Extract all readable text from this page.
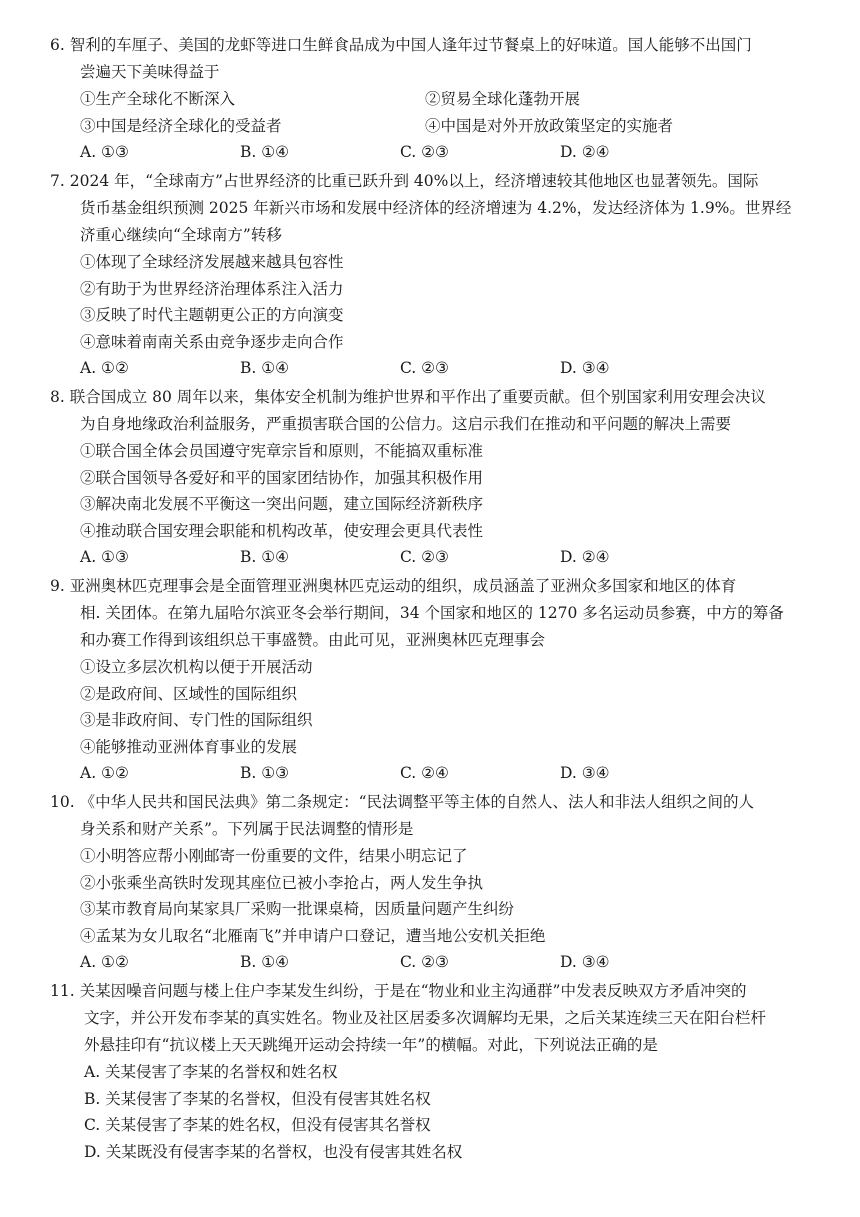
6. 智利的车厘子、美国的龙虾等进口生鲜食品成为中国人逢年过节餐桌上的好味道。国人能够不出国门
尝遍天下美味得益于

①生产全球化不断深入	②贸易全球化蓬勃开展
③中国是经济全球化的受益者	④中国是对外开放政策坚定的实施者
A. ①③	B. ①④	C. ②③	D. ②④

7. 2024 年，“全球南方”占世界经济的比重已跃升到 40%以上，经济增速较其他地区也显著领先。国际
货币基金组织预测 2025 年新兴市场和发展中经济体的经济增速为 4.2%，发达经济体为 1.9%。世界经
济重心继续向“全球南方”转移

①体现了全球经济发展越来越具包容性
②有助于为世界经济治理体系注入活力
③反映了时代主题朝更公正的方向演变
④意味着南南关系由竞争逐步走向合作
A. ①②	B. ①④	C. ②③	D. ③④

8. 联合国成立 80 周年以来，集体安全机制为维护世界和平作出了重要贡献。但个别国家利用安理会决议
为自身地缘政治利益服务，严重损害联合国的公信力。这启示我们在推动和平问题的解决上需要

①联合国全体会员国遵守宪章宗旨和原则，不能搞双重标准
②联合国领导各爱好和平的国家团结协作，加强其积极作用
③解决南北发展不平衡这一突出问题，建立国际经济新秩序
④推动联合国安理会职能和机构改革，使安理会更具代表性
A. ①③	B. ①④	C. ②③	D. ②④

9. 亚洲奥林匹克理事会是全面管理亚洲奥林匹克运动的组织，成员涵盖了亚洲众多国家和地区的体育
相. 关团体。在第九届哈尔滨亚冬会举行期间，34 个国家和地区的 1270 多名运动员参赛，中方的筹备
和办赛工作得到该组织总干事盛赞。由此可见，亚洲奥林匹克理事会

①设立多层次机构以便于开展活动
②是政府间、区域性的国际组织
③是非政府间、专门性的国际组织
④能够推动亚洲体育事业的发展
A. ①②	B. ①③	C. ②④	D. ③④

10. 《中华人民共和国民法典》第二条规定：“民法调整平等主体的自然人、法人和非法人组织之间的人
身关系和财产关系”。下列属于民法调整的情形是

①小明答应帮小刚邮寄一份重要的文件，结果小明忘记了
②小张乘坐高铁时发现其座位已被小李抢占，两人发生争执
③某市教育局向某家具厂采购一批课桌椅，因质量问题产生纠纷
④孟某为女儿取名“北雁南飞”并申请户口登记，遭当地公安机关拒绝
A. ①②	B. ①④	C. ②③	D. ③④

11. 关某因噪音问题与楼上住户李某发生纠纷，于是在“物业和业主沟通群”中发表反映双方矛盾冲突的
文字，并公开发布李某的真实姓名。物业及社区居委多次调解均无果，之后关某连续三天在阳台栏杆
外悬挂印有“抗议楼上天天跳绳开运动会持续一年”的横幅。对此，下列说法正确的是

A. 关某侵害了李某的名誉权和姓名权
B. 关某侵害了李某的名誉权，但没有侵害其姓名权
C. 关某侵害了李某的姓名权，但没有侵害其名誉权
D. 关某既没有侵害李某的名誉权，也没有侵害其姓名权
